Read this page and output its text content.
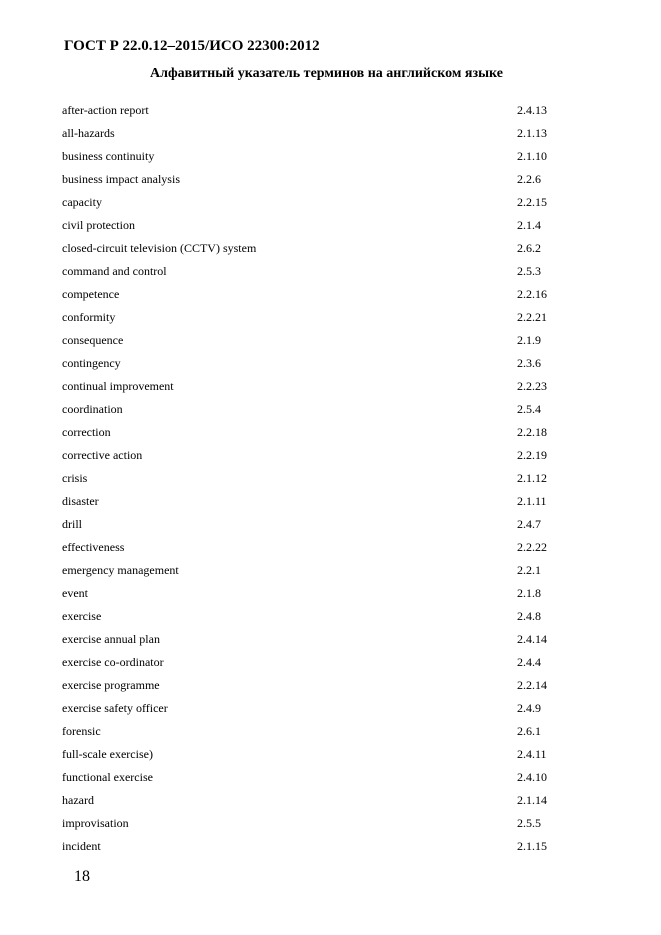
ГОСТ Р 22.0.12–2015/ИСО 22300:2012
Алфавитный указатель терминов на английском языке
after-action report	2.4.13
all-hazards	2.1.13
business continuity	2.1.10
business impact analysis	2.2.6
capacity	2.2.15
civil protection	2.1.4
closed-circuit television (CCTV) system	2.6.2
command and control	2.5.3
competence	2.2.16
conformity	2.2.21
consequence	2.1.9
contingency	2.3.6
continual improvement	2.2.23
coordination	2.5.4
correction	2.2.18
corrective action	2.2.19
crisis	2.1.12
disaster	2.1.11
drill	2.4.7
effectiveness	2.2.22
emergency management	2.2.1
event	2.1.8
exercise	2.4.8
exercise annual plan	2.4.14
exercise co-ordinator	2.4.4
exercise programme	2.2.14
exercise safety officer	2.4.9
forensic	2.6.1
full-scale exercise)	2.4.11
functional exercise	2.4.10
hazard	2.1.14
improvisation	2.5.5
incident	2.1.15
18
